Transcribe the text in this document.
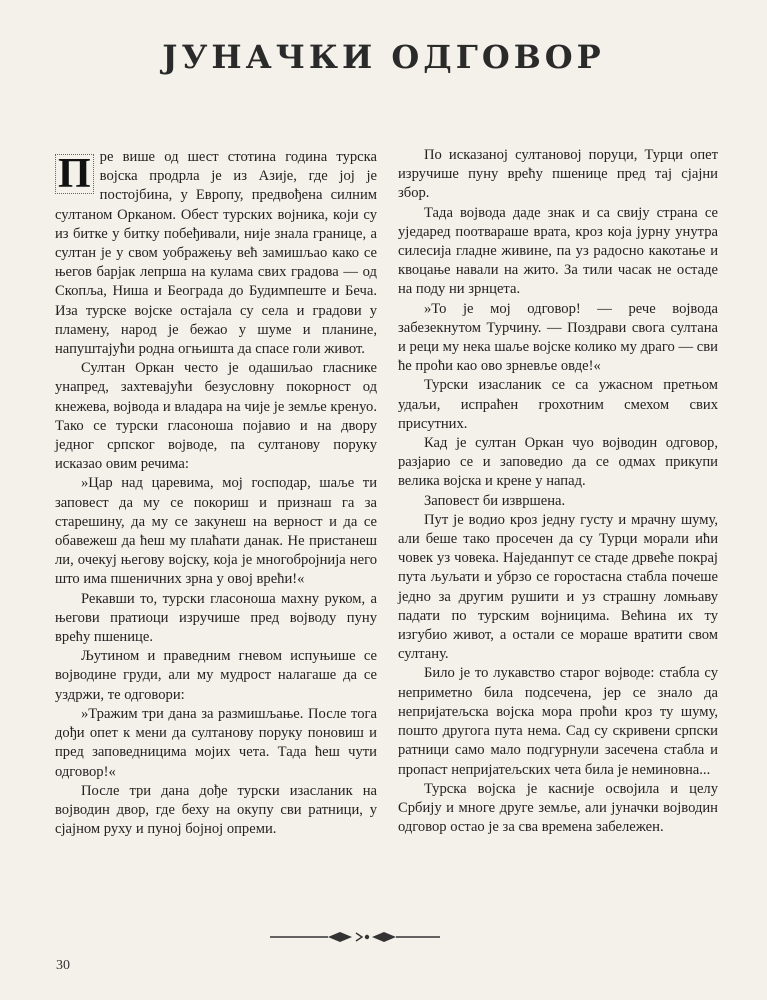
ЈУНАЧКИ ОДГОВОР

П ре више од шест стотина година турска војска продрла је из Азије, где јој је постојбина, у Европу, предвођена силним султаном Орканом. Обест турских војника, који су из битке у битку побеђивали, није знала границе, а султан је у свом уображењу већ замишљао како се његов барјак лепрша на кулама свих градова — од Скопља, Ниша и Београда до Будимпеште и Беча. Иза турске војске остајала су села и градови у пламену, народ је бежао у шуме и планине, напуштајући родна огњишта да спасе голи живот.

Султан Оркан често је одашиљао гласнике унапред, захтевајући безусловну покорност од кнежева, војвода и владара на чије је земље кренуо. Тако се турски гласоноша појавио и на двору једног српског војводе, па султанову поруку исказао овим речима:

»Цар над царевима, мој господар, шаље ти заповест да му се покориш и признаш га за старешину, да му се закунеш на верност и да се обавежеш да ћеш му плаћати данак. Не пристанеш ли, очекуј његову војску, која је многобројнија него што има пшеничних зрна у овој врећи!«

Рекавши то, турски гласоноша махну руком, а његови пратиоци изручише пред војводу пуну врећу пшенице.

Љутином и праведним гневом испуњише се војводине груди, али му мудрост налагаше да се уздржи, те одговори:

»Тражим три дана за размишљање. После тога дођи опет к мени да султанову поруку поновиш и пред заповедницима мојих чета. Тада ћеш чути одговор!«

После три дана дође турски изасланик на војводин двор, где беху на окупу сви ратници, у сјајном руху и пуној бојној опреми.

По исказаној султановој поруци, Турци опет изручише пуну врећу пшенице пред тај сјајни збор.

Тада војвода даде знак и са свију страна се уједаред поотвараше врата, кроз која јурну унутра силесија гладне живине, па уз радосно какотање и квоцање навали на жито. За тили часак не остаде на поду ни зрнцета.

»То је мој одговор! — рече војвода забезекнутом Турчину. — Поздрави свога султана и реци му нека шаље војске колико му драго — сви ће проћи као ово зрневље овде!«

Турски изасланик се са ужасном претњом удаљи, испраћен грохотним смехом свих присутних.

Кад је султан Оркан чуо војводин одговор, разјарио се и заповедио да се одмах прикупи велика војска и крене у напад.

Заповест би извршена.

Пут је водио кроз једну густу и мрачну шуму, али беше тако просечен да су Турци морали ићи човек уз човека. Наједанпут се стаде дрвеће покрај пута љуљати и убрзо се горостасна стабла почеше једно за другим рушити и уз страшну ломњаву падати по турским војницима. Већина их ту изгубио живот, а остали се мораше вратити свом султану.

Било је то лукавство старог војводе: стабла су неприметно била подсечена, јер се знало да непријатељска војска мора проћи кроз ту шуму, пошто другога пута нема. Сад су скривени српски ратници само мало подгурнули засечена стабла и пропаст непријатељских чета била је неминовна...

Турска војска је касније освојила и целу Србију и многе друге земље, али јуначки војводин одговор остао је за сва времена забележен.

30
